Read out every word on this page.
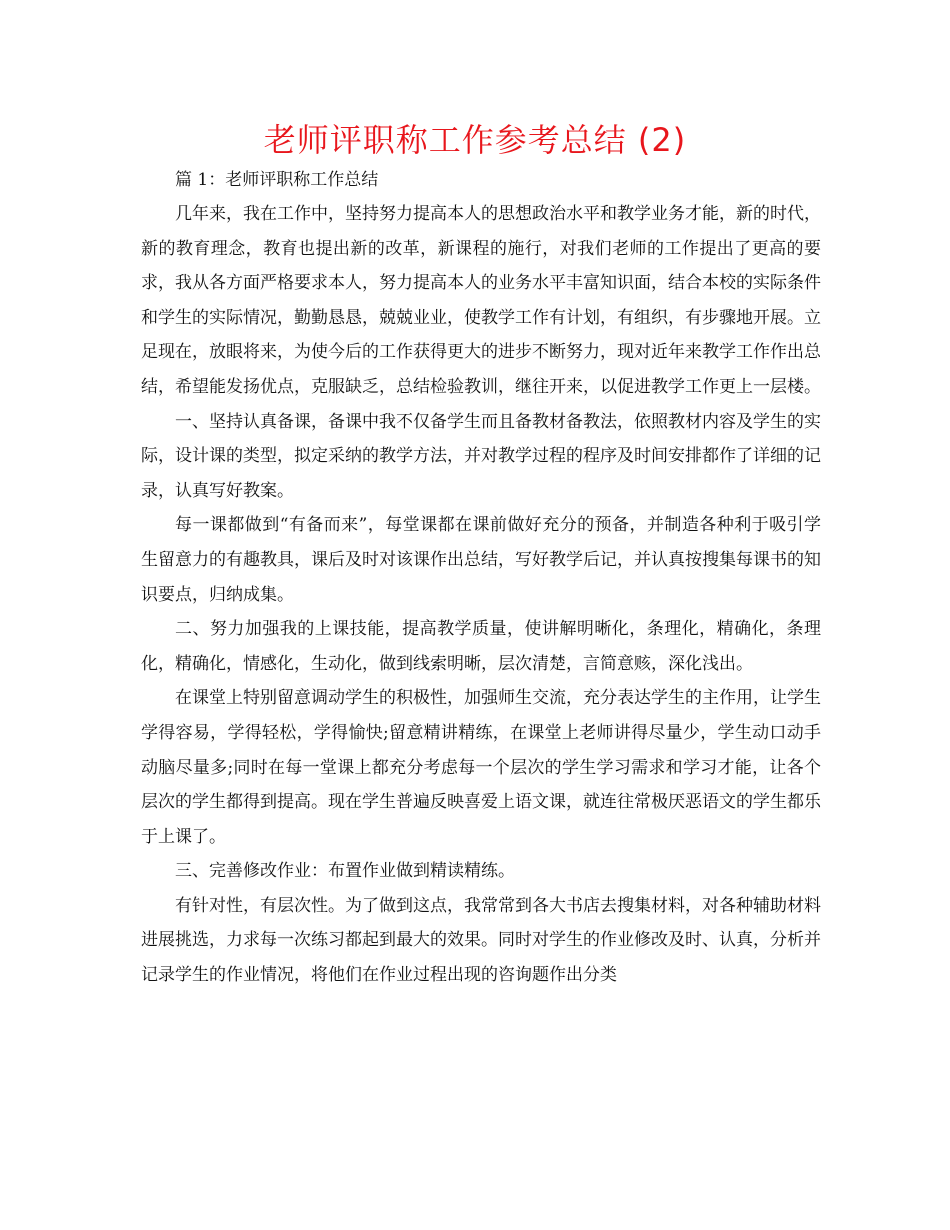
老师评职称工作参考总结 (2)

篇 1：老师评职称工作总结

几年来，我在工作中，坚持努力提高本人的思想政治水平和教学业务才能，新的时代，新的教育理念，教育也提出新的改革，新课程的施行，对我们老师的工作提出了更高的要求，我从各方面严格要求本人，努力提高本人的业务水平丰富知识面，结合本校的实际条件和学生的实际情况，勤勤恳恳，兢兢业业，使教学工作有计划，有组织，有步骤地开展。立足现在，放眼将来，为使今后的工作获得更大的进步不断努力，现对近年来教学工作作出总结，希望能发扬优点，克服缺乏，总结检验教训，继往开来，以促进教学工作更上一层楼。

一、坚持认真备课，备课中我不仅备学生而且备教材备教法，依照教材内容及学生的实际，设计课的类型，拟定采纳的教学方法，并对教学过程的程序及时间安排都作了详细的记录，认真写好教案。

每一课都做到“有备而来”，每堂课都在课前做好充分的预备，并制造各种利于吸引学生留意力的有趣教具，课后及时对该课作出总结，写好教学后记，并认真按搜集每课书的知识要点，归纳成集。

二、努力加强我的上课技能，提高教学质量，使讲解明晰化，条理化，精确化，条理化，精确化，情感化，生动化，做到线索明晰，层次清楚，言简意赅，深化浅出。

在课堂上特别留意调动学生的积极性，加强师生交流，充分表达学生的主作用，让学生学得容易，学得轻松，学得愉快;留意精讲精练，在课堂上老师讲得尽量少，学生动口动手动脑尽量多;同时在每一堂课上都充分考虑每一个层次的学生学习需求和学习才能，让各个层次的学生都得到提高。现在学生普遍反映喜爱上语文课，就连往常极厌恶语文的学生都乐于上课了。

三、完善修改作业：布置作业做到精读精练。

有针对性，有层次性。为了做到这点，我常常到各大书店去搜集材料，对各种辅助材料进展挑选，力求每一次练习都起到最大的效果。同时对学生的作业修改及时、认真，分析并记录学生的作业情况，将他们在作业过程出现的咨询题作出分类
